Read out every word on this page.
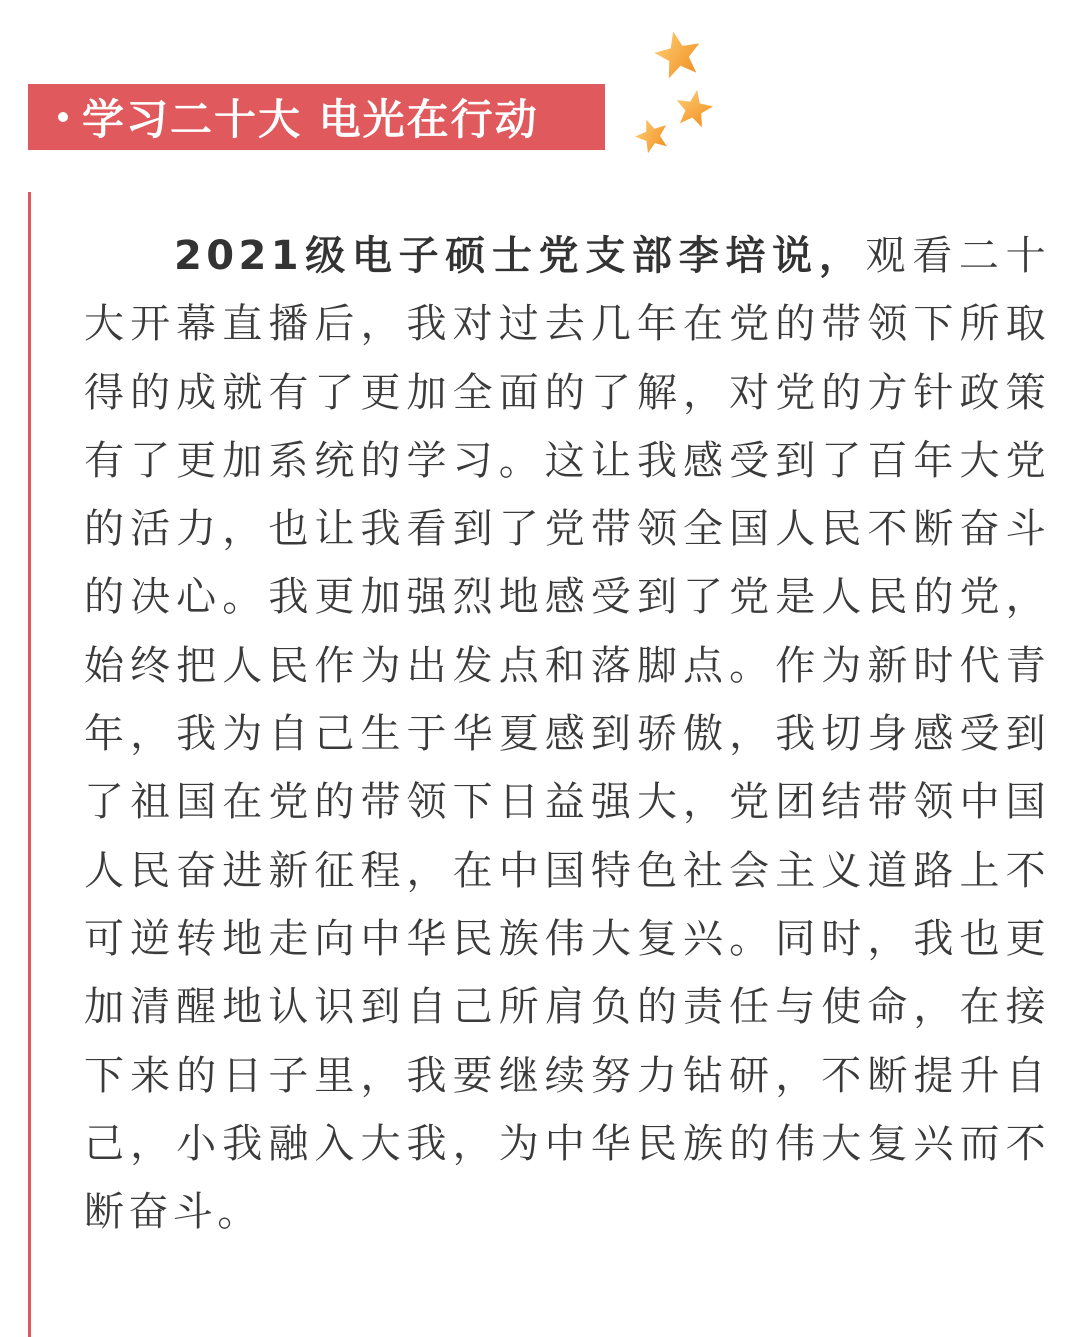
学习二十大 电光在行动

2021级电子硕士党支部李培说，观看二十大开幕直播后，我对过去几年在党的带领下所取得的成就有了更加全面的了解，对党的方针政策有了更加系统的学习。这让我感受到了百年大党的活力，也让我看到了党带领全国人民不断奋斗的决心。我更加强烈地感受到了党是人民的党，始终把人民作为出发点和落脚点。作为新时代青年，我为自己生于华夏感到骄傲，我切身感受到了祖国在党的带领下日益强大，党团结带领中国人民奋进新征程，在中国特色社会主义道路上不可逆转地走向中华民族伟大复兴。同时，我也更加清醒地认识到自己所肩负的责任与使命，在接下来的日子里，我要继续努力钻研，不断提升自己，小我融入大我，为中华民族的伟大复兴而不断奋斗。
